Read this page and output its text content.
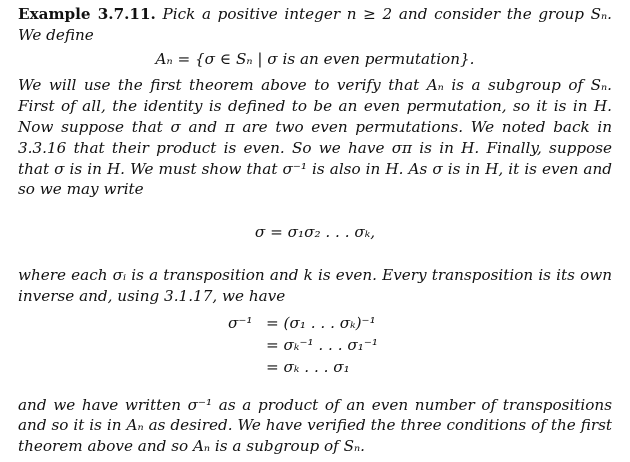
Example 3.7.11. Pick a positive integer n ≥ 2 and consider the group Sₙ. We define

Aₙ = {σ ∈ Sₙ | σ is an even permutation}.

We will use the first theorem above to verify that Aₙ is a subgroup of Sₙ. First of all, the identity is defined to be an even permutation, so it is in H. Now suppose that σ and π are two even permutations. We noted back in 3.3.16 that their product is even. So we have σπ is in H. Finally, suppose that σ is in H. We must show that σ⁻¹ is also in H. As σ is in H, it is even and so we may write

σ = σ₁σ₂ . . . σₖ,

where each σᵢ is a transposition and k is even. Every transposition is its own inverse and, using 3.1.17, we have

σ⁻¹ = (σ₁ . . . σₖ)⁻¹
= σₖ⁻¹ . . . σ₁⁻¹
= σₖ . . . σ₁

and we have written σ⁻¹ as a product of an even number of transpositions and so it is in Aₙ as desired. We have verified the three conditions of the first theorem above and so Aₙ is a subgroup of Sₙ.
